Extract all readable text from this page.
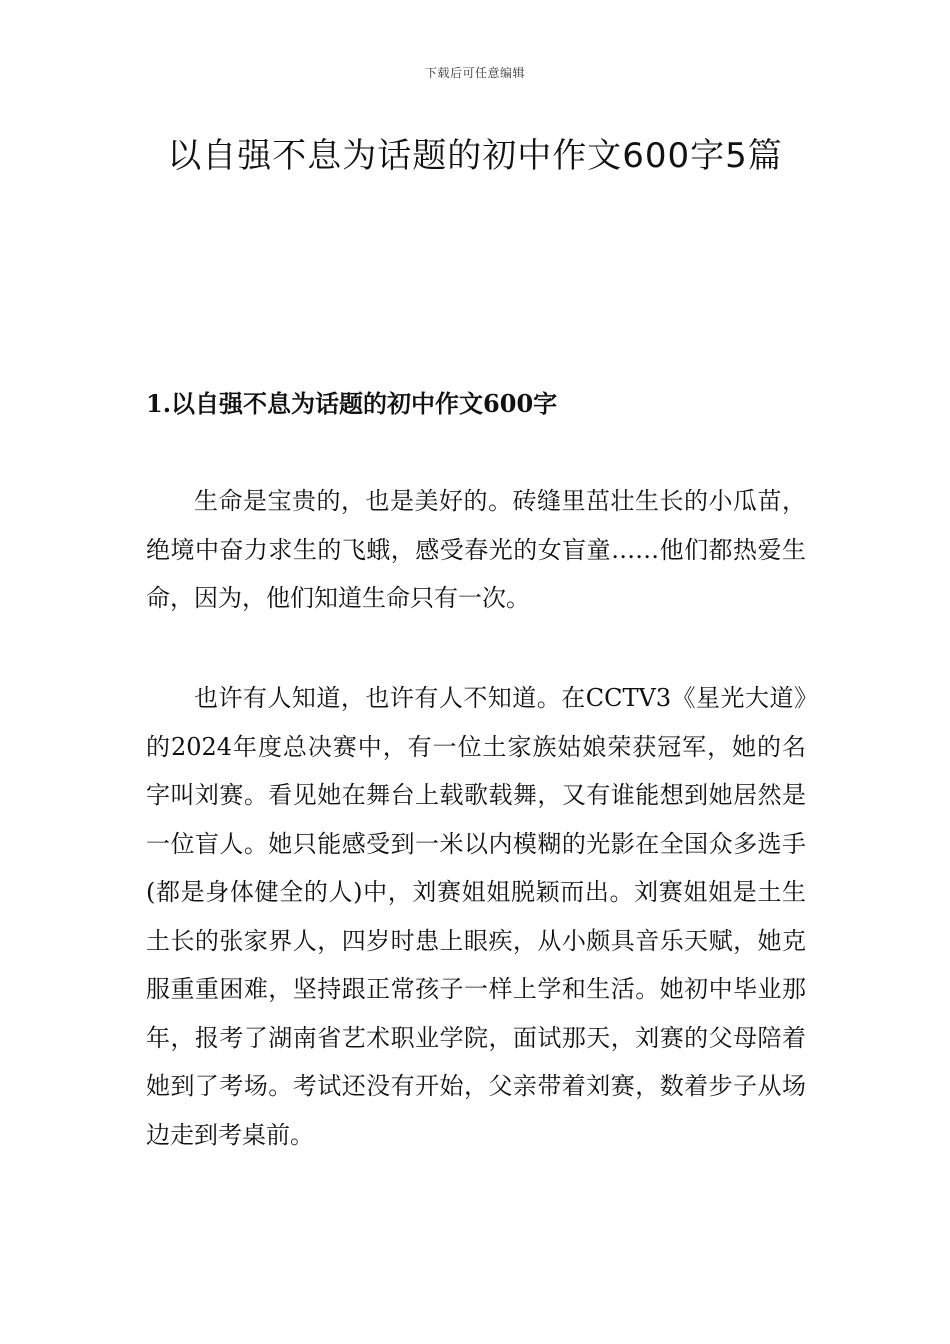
下载后可任意编辑
以自强不息为话题的初中作文600字5篇
1.以自强不息为话题的初中作文600字

生命是宝贵的，也是美好的。砖缝里茁壮生长的小瓜苗，绝境中奋力求生的飞蛾，感受春光的女盲童……他们都热爱生命，因为，他们知道生命只有一次。

也许有人知道，也许有人不知道。在CCTV3《星光大道》的2024年度总决赛中，有一位土家族姑娘荣获冠军，她的名字叫刘赛。看见她在舞台上载歌载舞，又有谁能想到她居然是一位盲人。她只能感受到一米以内模糊的光影在全国众多选手(都是身体健全的人)中，刘赛姐姐脱颖而出。刘赛姐姐是土生土长的张家界人，四岁时患上眼疾，从小颇具音乐天赋，她克服重重困难，坚持跟正常孩子一样上学和生活。她初中毕业那年，报考了湖南省艺术职业学院，面试那天，刘赛的父母陪着她到了考场。考试还没有开始，父亲带着刘赛，数着步子从场边走到考桌前。
